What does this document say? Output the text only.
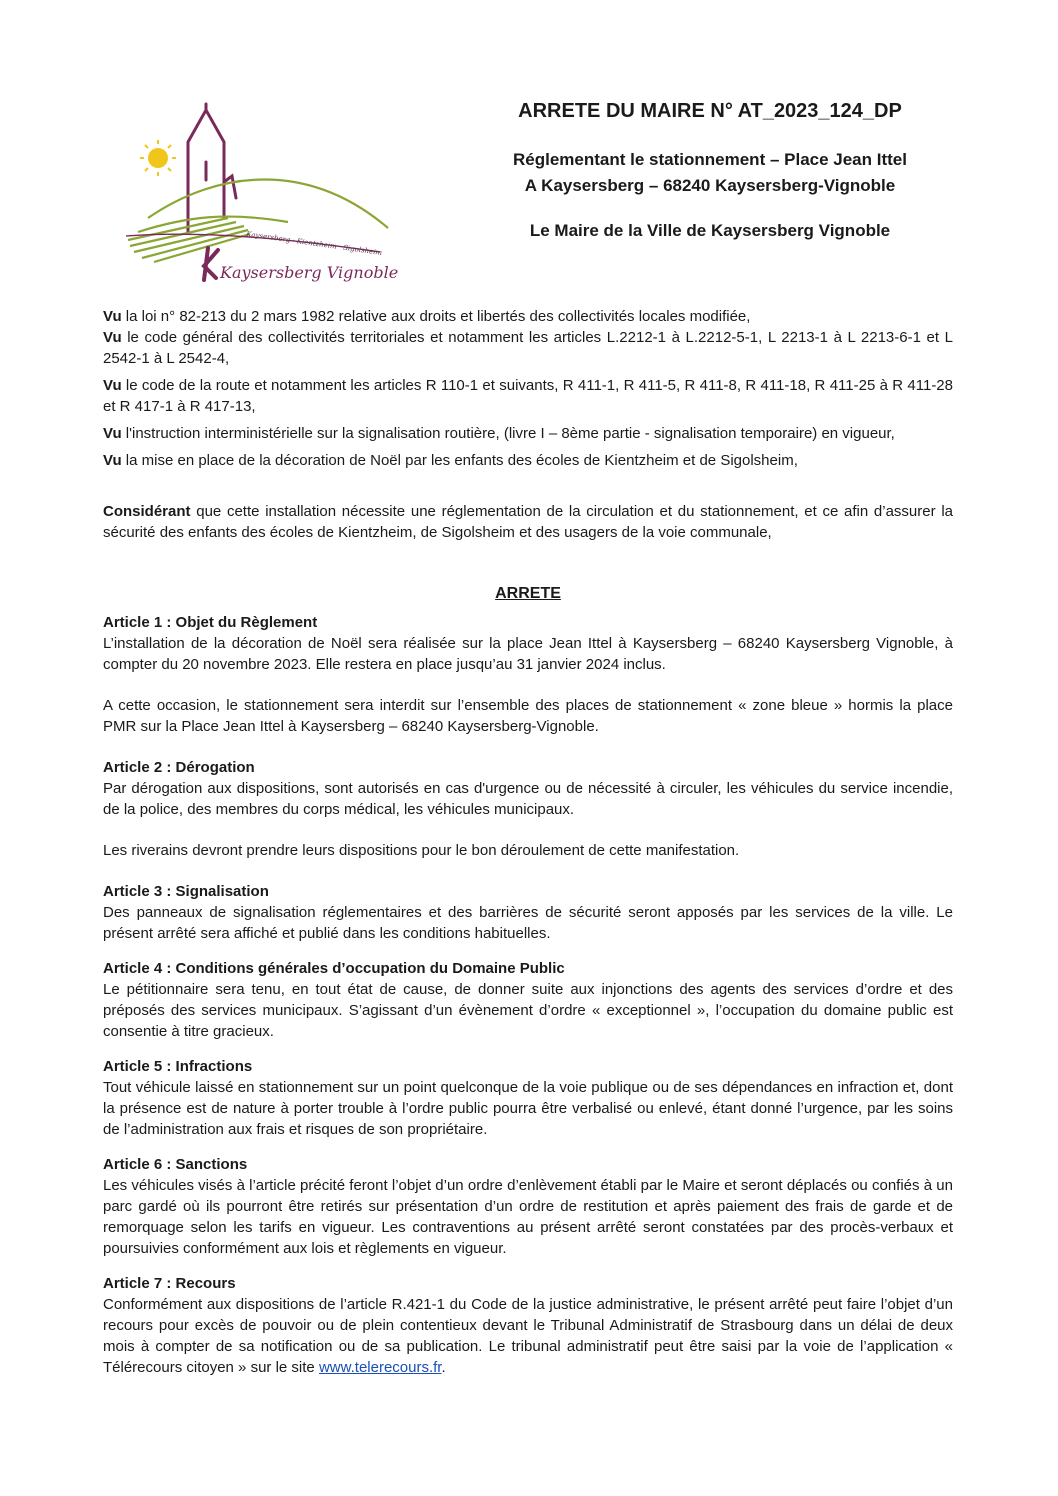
Kaysersberg · Kientzheim · Sigolsheim
Kaysersberg Vignoble
ARRETE DU MAIRE N° AT_2023_124_DP
Réglementant le stationnement – Place Jean Ittel
A Kaysersberg – 68240 Kaysersberg-Vignoble
Le Maire de la Ville de Kaysersberg Vignoble

Vu la loi n° 82-213 du 2 mars 1982 relative aux droits et libertés des collectivités locales modifiée,

Vu le code général des collectivités territoriales et notamment les articles L.2212-1 à L.2212-5-1, L 2213-1 à L 2213-6-1 et L 2542-1 à L 2542-4,

Vu le code de la route et notamment les articles R 110-1 et suivants, R 411-1, R 411-5, R 411-8, R 411-18, R 411-25 à R 411-28 et R 417-1 à R 417-13,

Vu l'instruction interministérielle sur la signalisation routière, (livre I – 8ème partie - signalisation temporaire) en vigueur,

Vu la mise en place de la décoration de Noël par les enfants des écoles de Kientzheim et de Sigolsheim,

Considérant que cette installation nécessite une réglementation de la circulation et du stationnement, et ce afin d’assurer la sécurité des enfants des écoles de Kientzheim, de Sigolsheim et des usagers de la voie communale,

ARRETE

Article 1 : Objet du Règlement

L’installation de la décoration de Noël sera réalisée sur la place Jean Ittel à Kaysersberg – 68240 Kaysersberg Vignoble, à compter du 20 novembre 2023. Elle restera en place jusqu’au 31 janvier 2024 inclus.

A cette occasion, le stationnement sera interdit sur l’ensemble des places de stationnement « zone bleue » hormis la place PMR sur la Place Jean Ittel à Kaysersberg – 68240 Kaysersberg-Vignoble.

Article 2 : Dérogation

Par dérogation aux dispositions, sont autorisés en cas d'urgence ou de nécessité à circuler, les véhicules du service incendie, de la police, des membres du corps médical, les véhicules municipaux.

Les riverains devront prendre leurs dispositions pour le bon déroulement de cette manifestation.

Article 3 : Signalisation

Des panneaux de signalisation réglementaires et des barrières de sécurité seront apposés par les services de la ville. Le présent arrêté sera affiché et publié dans les conditions habituelles.

Article 4 : Conditions générales d’occupation du Domaine Public

Le pétitionnaire sera tenu, en tout état de cause, de donner suite aux injonctions des agents des services d’ordre et des préposés des services municipaux. S’agissant d’un évènement d’ordre « exceptionnel », l’occupation du domaine public est consentie à titre gracieux.

Article 5 : Infractions

Tout véhicule laissé en stationnement sur un point quelconque de la voie publique ou de ses dépendances en infraction et, dont la présence est de nature à porter trouble à l’ordre public pourra être verbalisé ou enlevé, étant donné l’urgence, par les soins de l’administration aux frais et risques de son propriétaire.

Article 6 : Sanctions

Les véhicules visés à l’article précité feront l’objet d’un ordre d’enlèvement établi par le Maire et seront déplacés ou confiés à un parc gardé où ils pourront être retirés sur présentation d’un ordre de restitution et après paiement des frais de garde et de remorquage selon les tarifs en vigueur. Les contraventions au présent arrêté seront constatées par des procès-verbaux et poursuivies conformément aux lois et règlements en vigueur.

Article 7 : Recours

Conformément aux dispositions de l’article R.421-1 du Code de la justice administrative, le présent arrêté peut faire l’objet d’un recours pour excès de pouvoir ou de plein contentieux devant le Tribunal Administratif de Strasbourg dans un délai de deux mois à compter de sa notification ou de sa publication. Le tribunal administratif peut être saisi par la voie de l’application « Télérecours citoyen » sur le site www.telerecours.fr.
